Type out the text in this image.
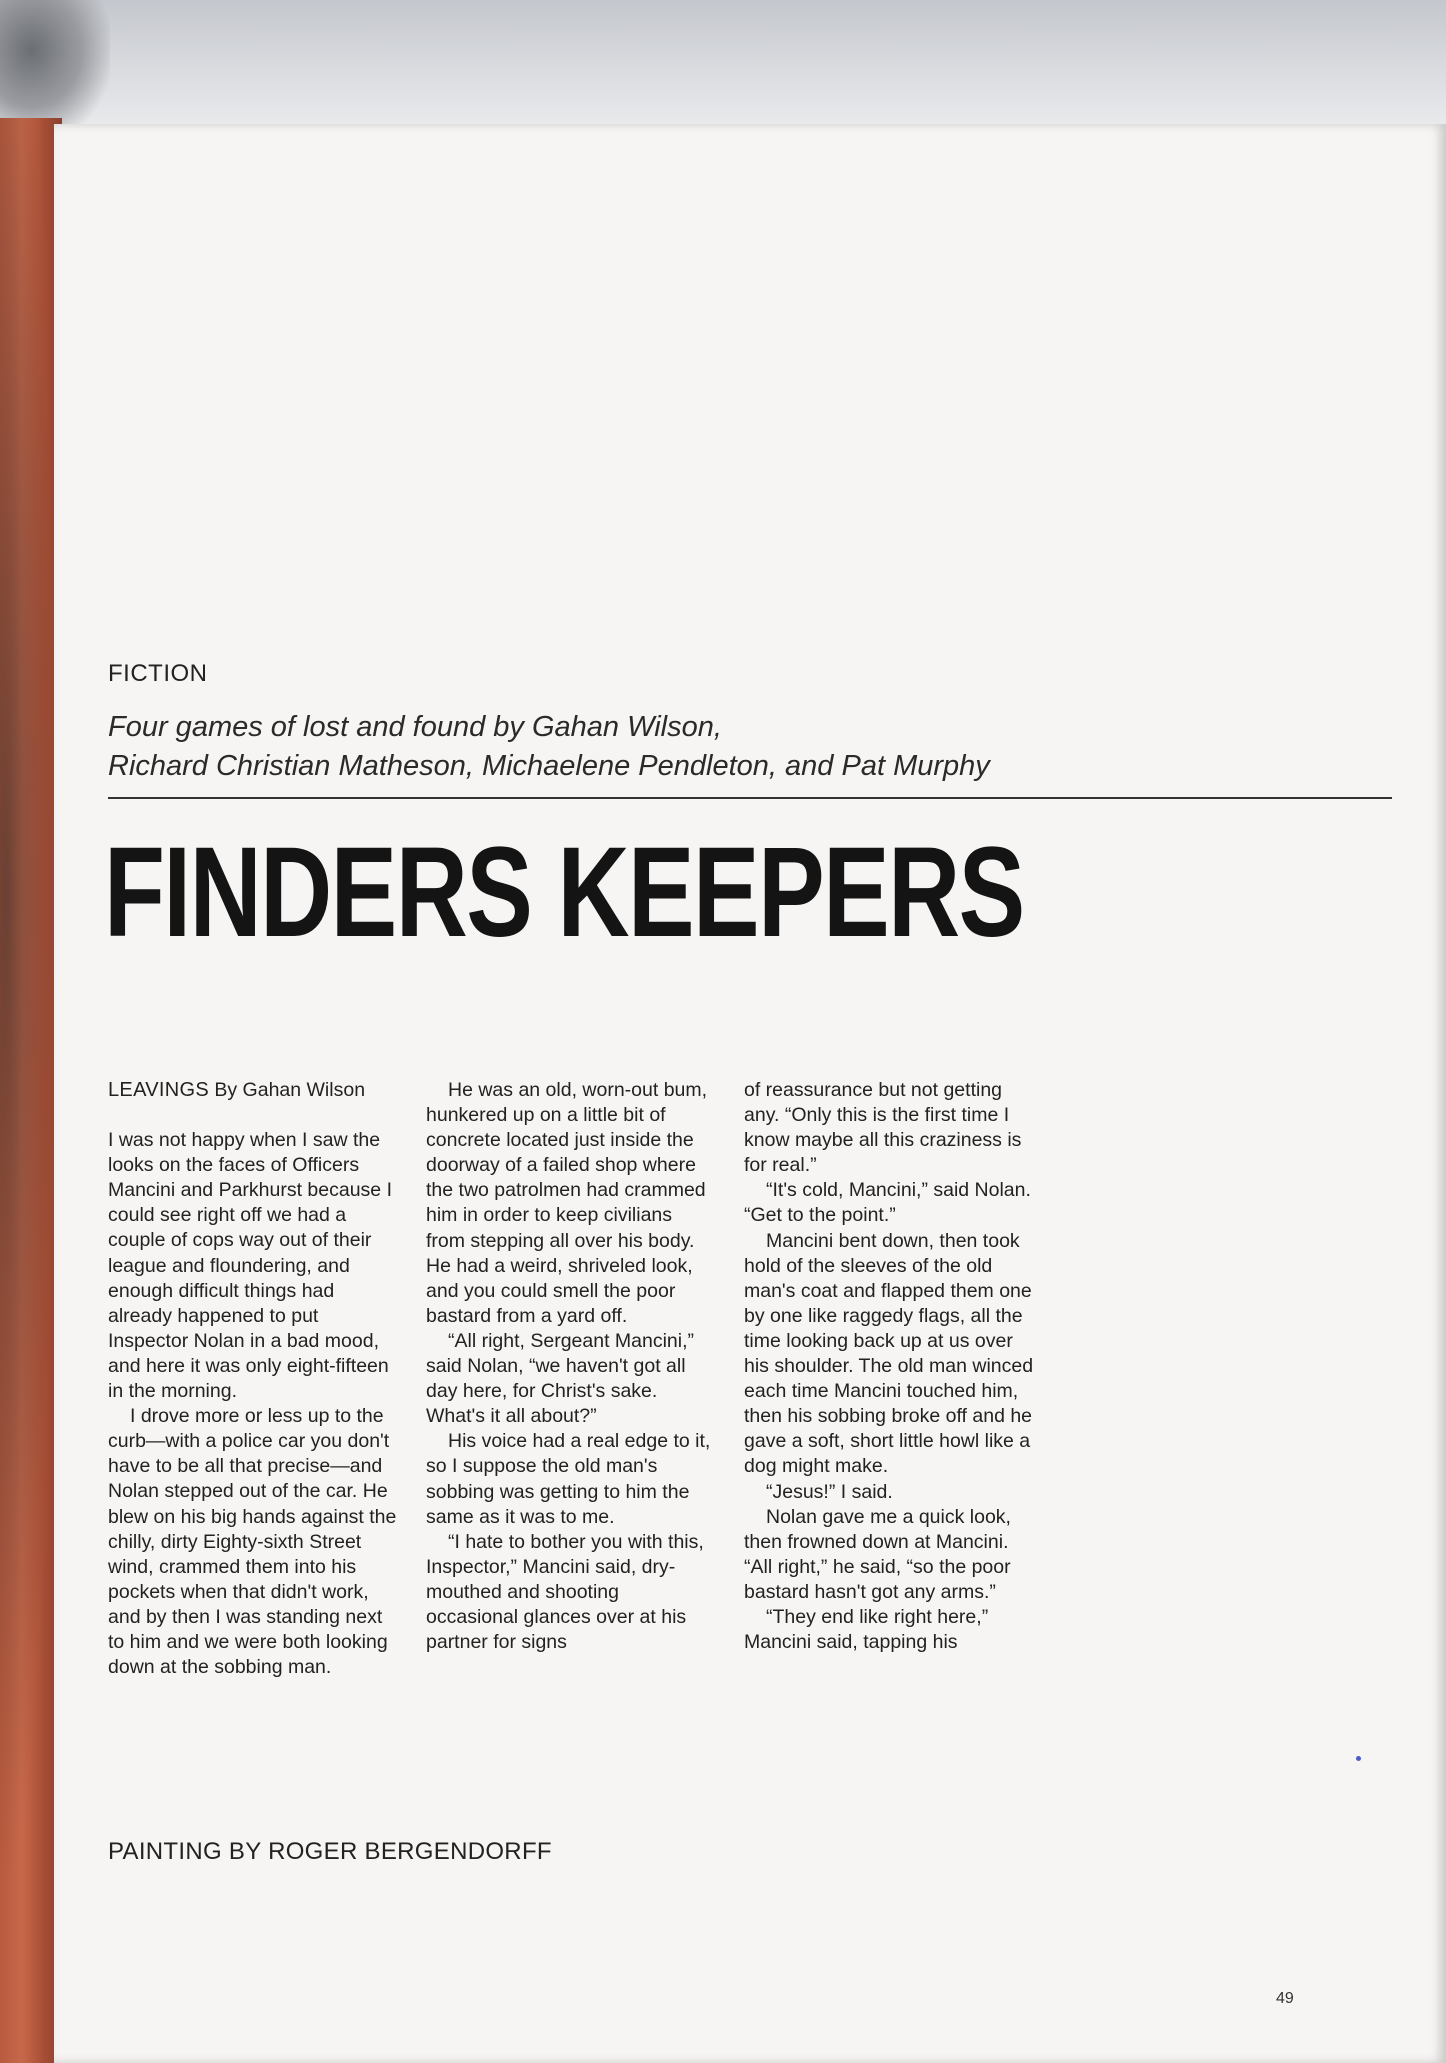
FICTION
Four games of lost and found by Gahan Wilson,
Richard Christian Matheson, Michaelene Pendleton, and Pat Murphy
FINDERS KEEPERS

LEAVINGS By Gahan Wilson

I was not happy when I saw the looks on the faces of Officers Mancini and Parkhurst because I could see right off we had a couple of cops way out of their league and floundering, and enough difficult things had already happened to put Inspector Nolan in a bad mood, and here it was only eight-fifteen in the morning.

I drove more or less up to the curb—with a police car you don't have to be all that precise—and Nolan stepped out of the car. He blew on his big hands against the chilly, dirty Eighty-sixth Street wind, crammed them into his pockets when that didn't work, and by then I was standing next to him and we were both looking down at the sobbing man.

He was an old, worn-out bum, hunkered up on a little bit of concrete located just inside the doorway of a failed shop where the two patrolmen had crammed him in order to keep civilians from stepping all over his body. He had a weird, shriveled look, and you could smell the poor bastard from a yard off.

“All right, Sergeant Mancini,” said Nolan, “we haven't got all day here, for Christ's sake. What's it all about?”

His voice had a real edge to it, so I suppose the old man's sobbing was getting to him the same as it was to me.

“I hate to bother you with this, Inspector,” Mancini said, dry-mouthed and shooting occasional glances over at his partner for signs

of reassurance but not getting any. “Only this is the first time I know maybe all this craziness is for real.”

“It's cold, Mancini,” said Nolan. “Get to the point.”

Mancini bent down, then took hold of the sleeves of the old man's coat and flapped them one by one like raggedy flags, all the time looking back up at us over his shoulder. The old man winced each time Mancini touched him, then his sobbing broke off and he gave a soft, short little howl like a dog might make.

“Jesus!” I said.

Nolan gave me a quick look, then frowned down at Mancini. “All right,” he said, “so the poor bastard hasn't got any arms.”

“They end like right here,” Mancini said, tapping his

PAINTING BY ROGER BERGENDORFF
49
